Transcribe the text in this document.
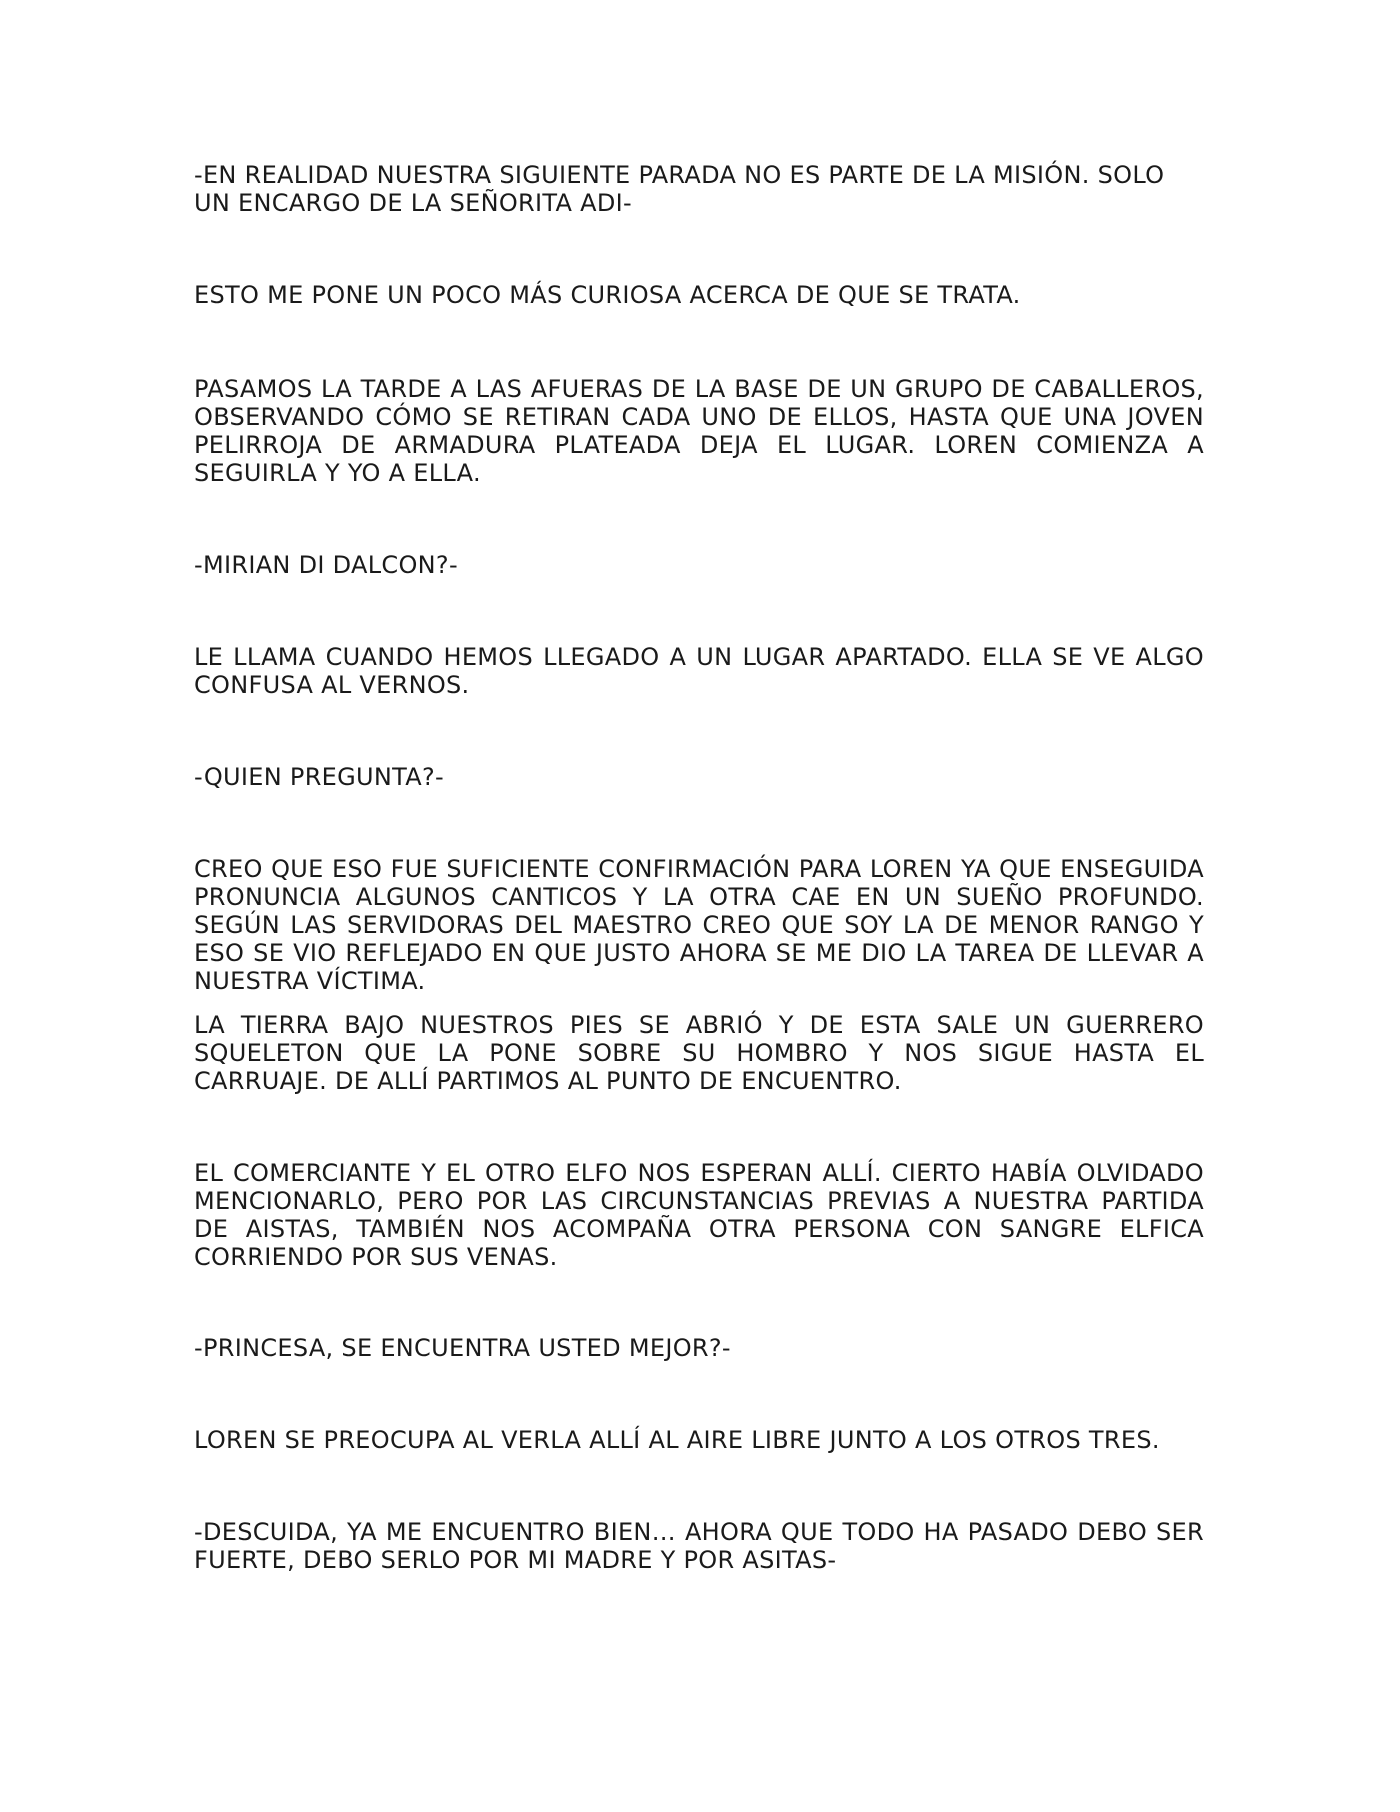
-EN REALIDAD NUESTRA SIGUIENTE PARADA NO ES PARTE DE LA MISIÓN. SOLO UN ENCARGO DE LA SEÑORITA ADI-

ESTO ME PONE UN POCO MÁS CURIOSA ACERCA DE QUE SE TRATA.

PASAMOS LA TARDE A LAS AFUERAS DE LA BASE DE UN GRUPO DE CABALLEROS, OBSERVANDO CÓMO SE RETIRAN CADA UNO DE ELLOS, HASTA QUE UNA JOVEN PELIRROJA DE ARMADURA PLATEADA DEJA EL LUGAR. LOREN COMIENZA A SEGUIRLA Y YO A ELLA.

-MIRIAN DI DALCON?-

LE LLAMA CUANDO HEMOS LLEGADO A UN LUGAR APARTADO. ELLA SE VE ALGO CONFUSA AL VERNOS.

-QUIEN PREGUNTA?-

CREO QUE ESO FUE SUFICIENTE CONFIRMACIÓN PARA LOREN YA QUE ENSEGUIDA PRONUNCIA ALGUNOS CANTICOS Y LA OTRA CAE EN UN SUEÑO PROFUNDO. SEGÚN LAS SERVIDORAS DEL MAESTRO CREO QUE SOY LA DE MENOR RANGO Y ESO SE VIO REFLEJADO EN QUE JUSTO AHORA SE ME DIO LA TAREA DE LLEVAR A NUESTRA VÍCTIMA.

LA TIERRA BAJO NUESTROS PIES SE ABRIÓ Y DE ESTA SALE UN GUERRERO SQUELETON QUE LA PONE SOBRE SU HOMBRO Y NOS SIGUE HASTA EL CARRUAJE. DE ALLÍ PARTIMOS AL PUNTO DE ENCUENTRO.

EL COMERCIANTE Y EL OTRO ELFO NOS ESPERAN ALLÍ. CIERTO HABÍA OLVIDADO MENCIONARLO, PERO POR LAS CIRCUNSTANCIAS PREVIAS A NUESTRA PARTIDA DE AISTAS, TAMBIÉN NOS ACOMPAÑA OTRA PERSONA CON SANGRE ELFICA CORRIENDO POR SUS VENAS.

-PRINCESA, SE ENCUENTRA USTED MEJOR?-

LOREN SE PREOCUPA AL VERLA ALLÍ AL AIRE LIBRE JUNTO A LOS OTROS TRES.

-DESCUIDA, YA ME ENCUENTRO BIEN… AHORA QUE TODO HA PASADO DEBO SER FUERTE, DEBO SERLO POR MI MADRE Y POR ASITAS-
